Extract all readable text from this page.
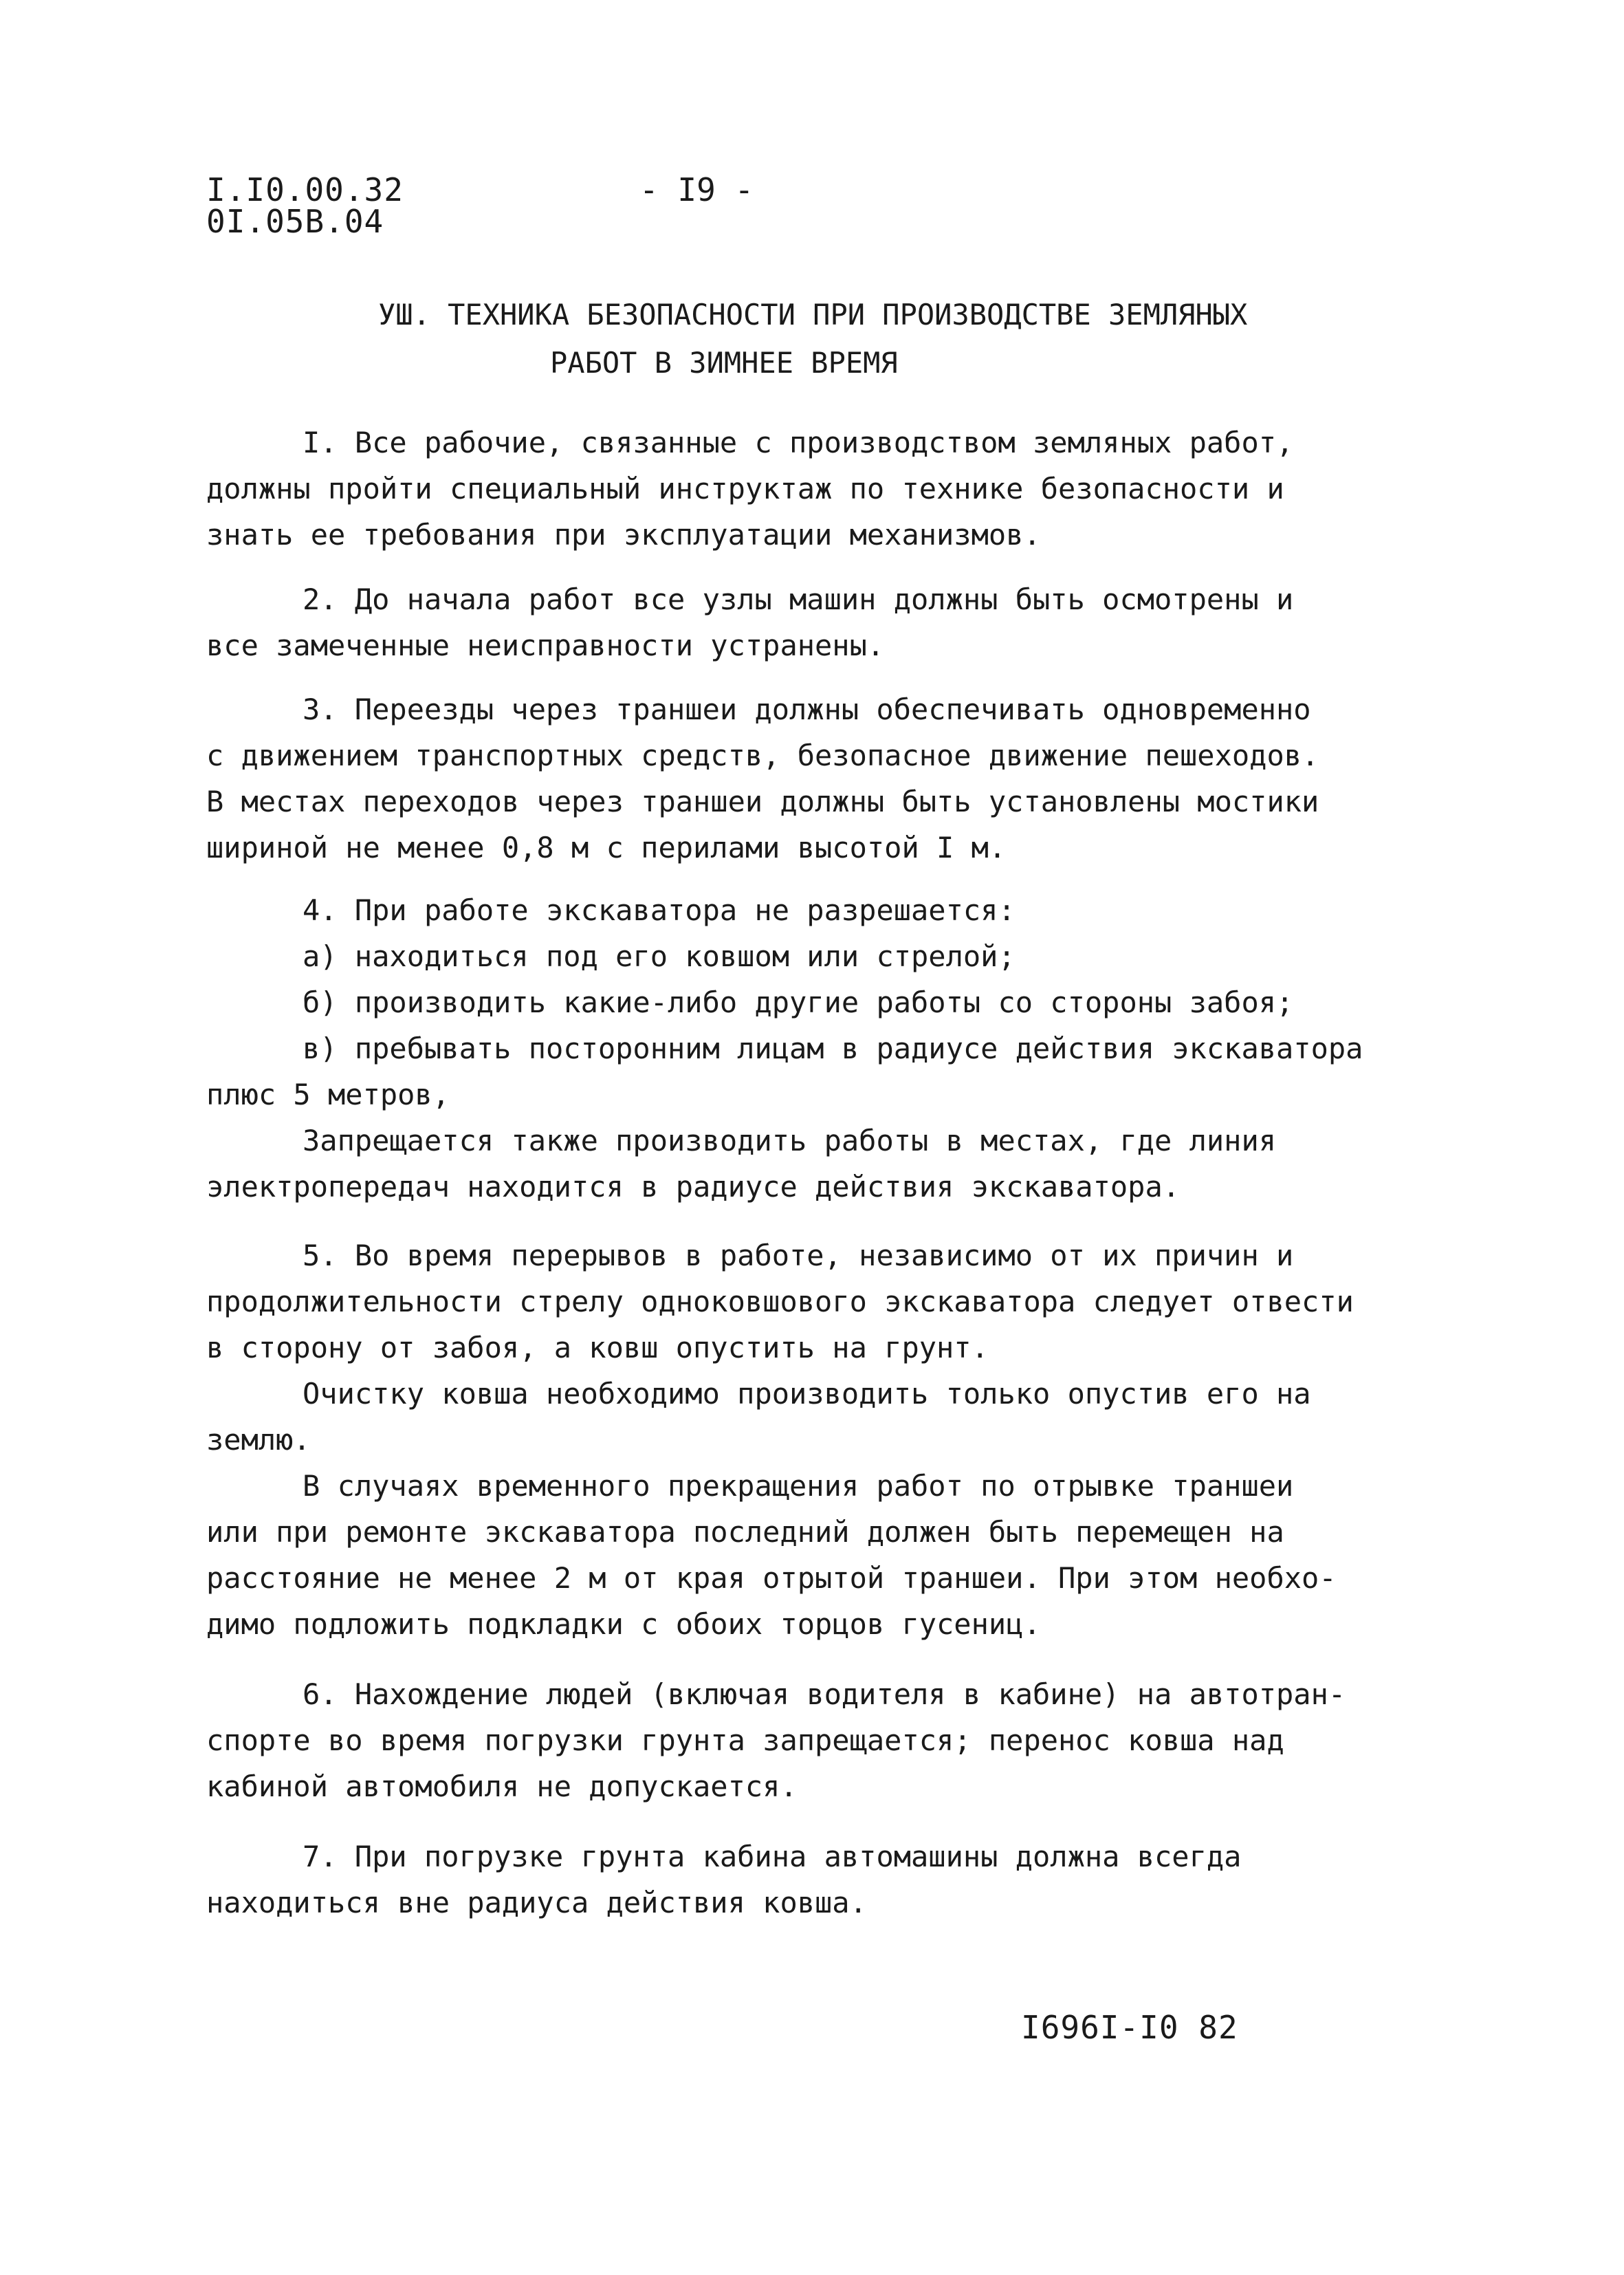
I.I0.00.32
0I.05B.04
- I9 -
УШ. ТЕХНИКА БЕЗОПАСНОСТИ ПРИ ПРОИЗВОДСТВЕ ЗЕМЛЯНЫХ
РАБОТ В ЗИМНЕЕ ВРЕМЯ
I. Все рабочие, связанные с производством земляных работ,
должны пройти специальный инструктаж по технике безопасности и
знать ее требования при эксплуатации механизмов.
2. До начала работ все узлы машин должны быть осмотрены и
все замеченные неисправности устранены.
3. Переезды через траншеи должны обеспечивать одновременно
с движением транспортных средств, безопасное движение пешеходов.
В местах переходов через траншеи должны быть установлены мостики
шириной не менее 0,8 м с перилами высотой I м.
4. При работе экскаватора не разрешается:
а) находиться под его ковшом или стрелой;
б) производить какие-либо другие работы со стороны забоя;
в) пребывать посторонним лицам в радиусе действия экскаватора
плюс 5 метров,
Запрещается также производить работы в местах, где линия
электропередач находится в радиусе действия экскаватора.
5. Во время перерывов в работе, независимо от их причин и
продолжительности стрелу одноковшового экскаватора следует отвести
в сторону от забоя, а ковш опустить на грунт.
Очистку ковша необходимо производить только опустив его на
землю.
В случаях временного прекращения работ по отрывке траншеи
или при ремонте экскаватора последний должен быть перемещен на
расстояние не менее 2 м от края отрытой траншеи. При этом необхо-
димо подложить подкладки с обоих торцов гусениц.
6. Нахождение людей (включая водителя в кабине) на автотран-
спорте во время погрузки грунта запрещается; перенос ковша над
кабиной автомобиля не допускается.
7. При погрузке грунта кабина автомашины должна всегда
находиться вне радиуса действия ковша.
I696I-I0 82
